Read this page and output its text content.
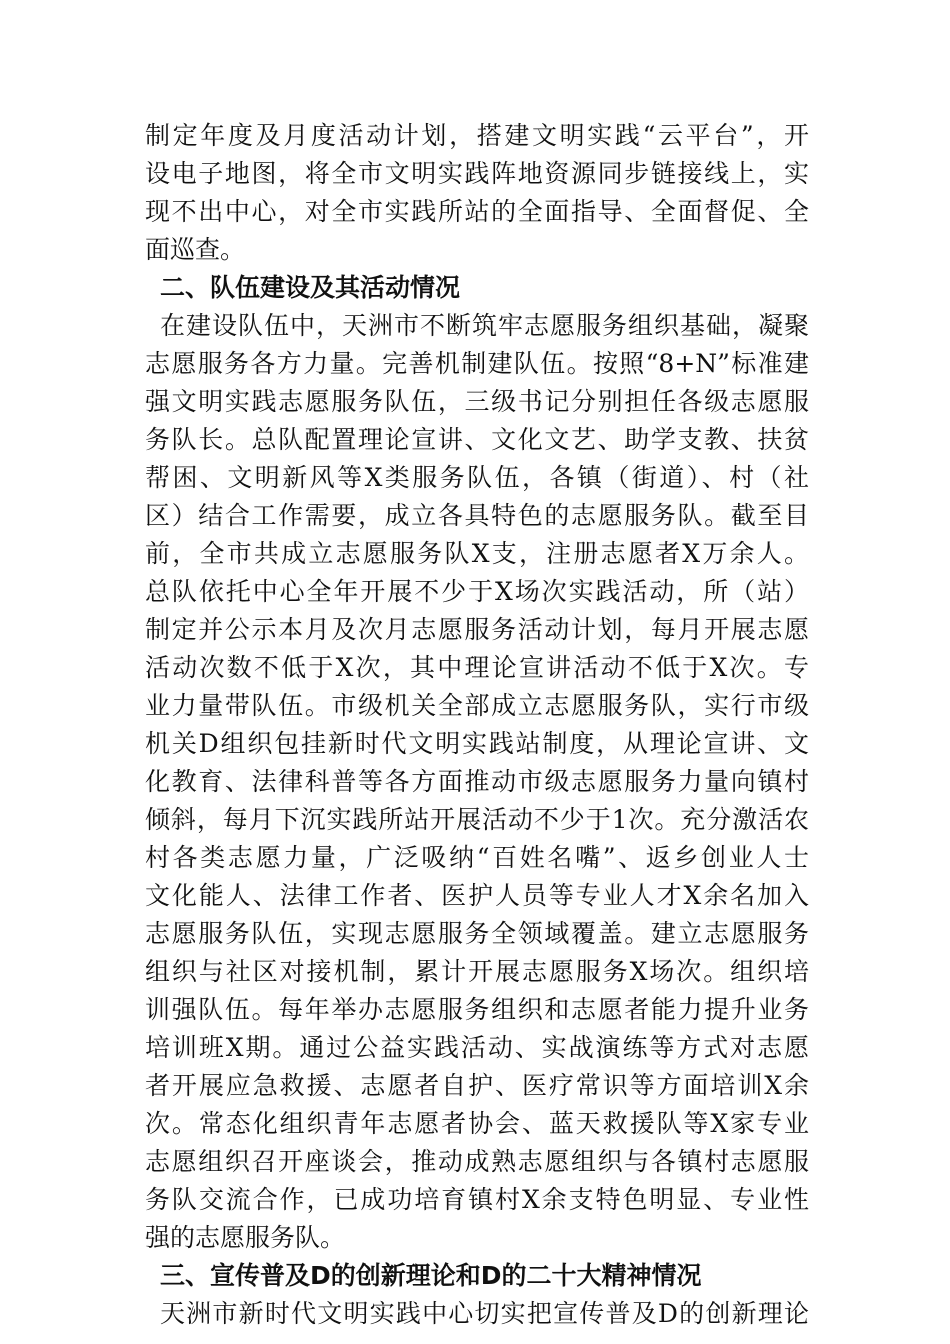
制定年度及月度活动计划，搭建文明实践“云平台”，开
设电子地图，将全市文明实践阵地资源同步链接线上，实
现不出中心，对全市实践所站的全面指导、全面督促、全
面巡查。
二、队伍建设及其活动情况
在建设队伍中，天洲市不断筑牢志愿服务组织基础，凝聚
志愿服务各方力量。完善机制建队伍。按照“8+N”标准建
强文明实践志愿服务队伍，三级书记分别担任各级志愿服
务队长。总队配置理论宣讲、文化文艺、助学支教、扶贫
帮困、文明新风等X类服务队伍，各镇（街道）、村（社
区）结合工作需要，成立各具特色的志愿服务队。截至目
前，全市共成立志愿服务队X支，注册志愿者X万余人。
总队依托中心全年开展不少于X场次实践活动，所（站）
制定并公示本月及次月志愿服务活动计划，每月开展志愿
活动次数不低于X次，其中理论宣讲活动不低于X次。专
业力量带队伍。市级机关全部成立志愿服务队，实行市级
机关D组织包挂新时代文明实践站制度，从理论宣讲、文
化教育、法律科普等各方面推动市级志愿服务力量向镇村
倾斜，每月下沉实践所站开展活动不少于1次。充分激活农
村各类志愿力量，广泛吸纳“百姓名嘴”、返乡创业人士
文化能人、法律工作者、医护人员等专业人才X余名加入
志愿服务队伍，实现志愿服务全领域覆盖。建立志愿服务
组织与社区对接机制，累计开展志愿服务X场次。组织培
训强队伍。每年举办志愿服务组织和志愿者能力提升业务
培训班X期。通过公益实践活动、实战演练等方式对志愿
者开展应急救援、志愿者自护、医疗常识等方面培训X余
次。常态化组织青年志愿者协会、蓝天救援队等X家专业
志愿组织召开座谈会，推动成熟志愿组织与各镇村志愿服
务队交流合作，已成功培育镇村X余支特色明显、专业性
强的志愿服务队。
三、宣传普及D的创新理论和D的二十大精神情况
天洲市新时代文明实践中心切实把宣传普及D的创新理论
